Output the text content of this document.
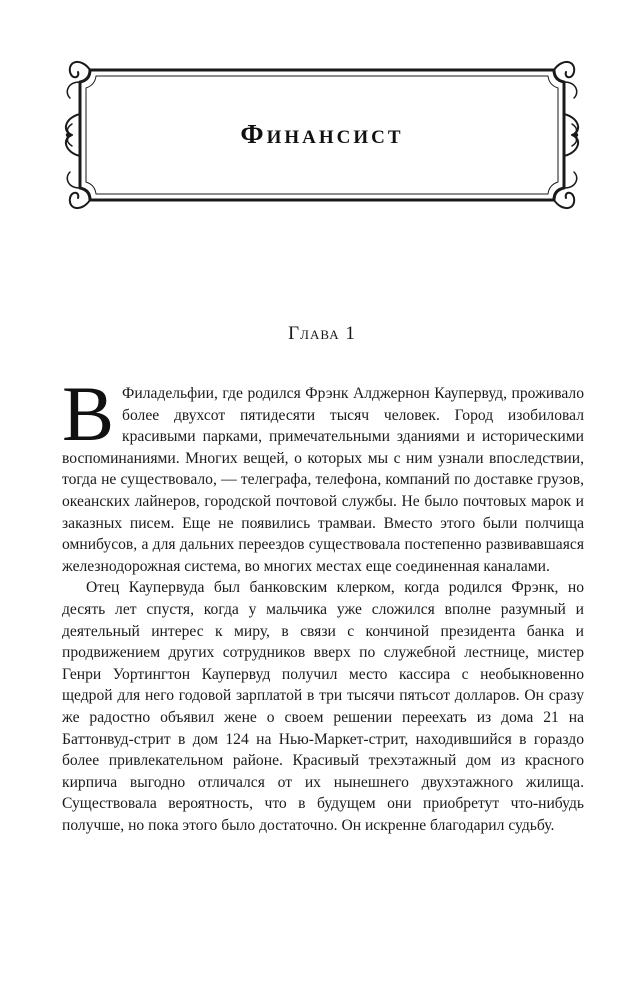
Финансист
Глава 1

В Филадельфии, где родился Фрэнк Алджернон Каупервуд, проживало более двухсот пятидесяти тысяч человек. Город изобиловал красивыми парками, примечательными зданиями и историческими воспоминаниями. Многих вещей, о которых мы с ним узнали впоследствии, тогда не существовало, — телеграфа, телефона, компаний по доставке грузов, океанских лайнеров, городской почтовой службы. Не было почтовых марок и заказных писем. Еще не появились трамваи. Вместо этого были полчища омнибусов, а для дальних переездов существовала постепенно развивавшаяся железнодорожная система, во многих местах еще соединенная каналами.

Отец Каупервуда был банковским клерком, когда родился Фрэнк, но десять лет спустя, когда у мальчика уже сложился вполне разумный и деятельный интерес к миру, в связи с кончиной президента банка и продвижением других сотрудников вверх по служебной лестнице, мистер Генри Уортингтон Каупервуд получил место кассира с необыкновенно щедрой для него годовой зарплатой в три тысячи пятьсот долларов. Он сразу же радостно объявил жене о своем решении переехать из дома 21 на Баттонвуд-стрит в дом 124 на Нью-Маркет-стрит, находившийся в гораздо более привлекательном районе. Красивый трехэтажный дом из красного кирпича выгодно отличался от их нынешнего двухэтажного жилища. Существовала вероятность, что в будущем они приобретут что-нибудь получше, но пока этого было достаточно. Он искренне благодарил судьбу.
